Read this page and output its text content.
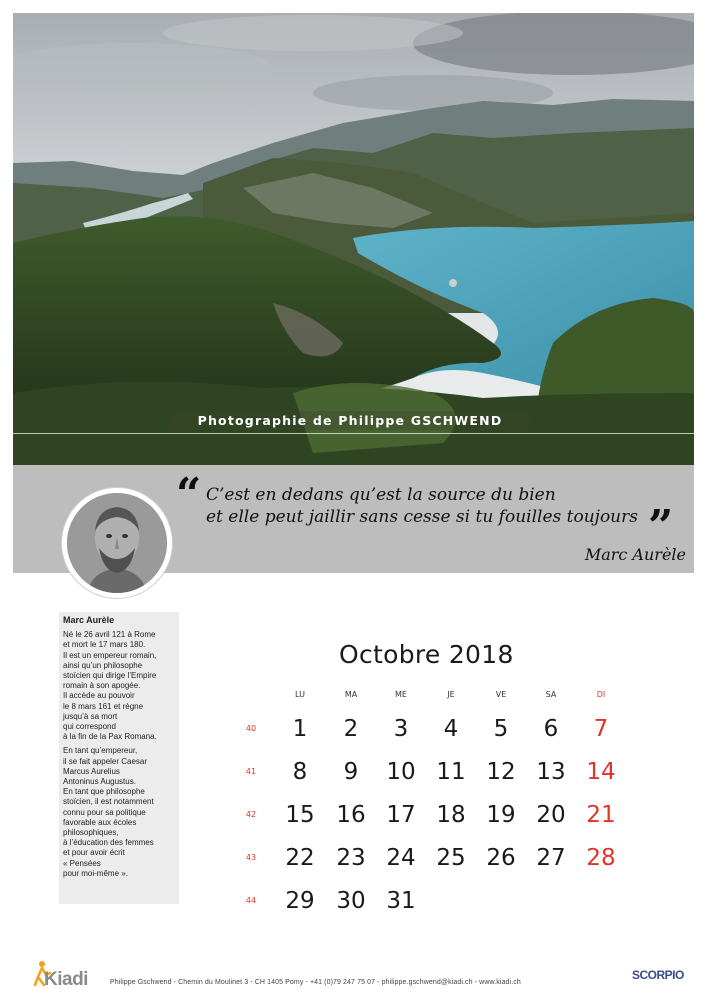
Photographie de Philippe GSCHWEND
“ C’est en dedans qu’est la source du bien
et elle peut jaillir sans cesse si tu fouilles toujours ”
Marc Aurèle
Marc Aurèle

Né le 26 avril 121 à Rome
et mort le 17 mars 180.
Il est un empereur romain,
ainsi qu’un philosophe
stoïcien qui dirige l’Empire
romain à son apogée.
Il accède au pouvoir
le 8 mars 161 et règne
jusqu’à sa mort
qui correspond
à la fin de la Pax Romana.

En tant qu’empereur,
il se fait appeler Caesar
Marcus Aurelius
Antoninus Augustus.
En tant que philosophe
stoïcien, il est notamment
connu pour sa politique
favorable aux écoles
philosophiques,
à l’éducation des femmes
et pour avoir écrit
« Pensées
pour moi-même ».

Octobre 2018
LU	MA	ME	JE	VE	SA	DI
40	1	2	3	4	5	6	7
41	8	9	10 11 12 13 14
42	15 16 17 18 19 20 21
43	22 23 24 25 26 27 28
44	29 30 31
Kiadi	Philippe Gschwend - Chemin du Moulinet 3 - CH 1405 Pomy - +41 (0)79 247 75 07 - philippe.gschwend@kiadi.ch - www.kiadi.ch
SCORPIO
